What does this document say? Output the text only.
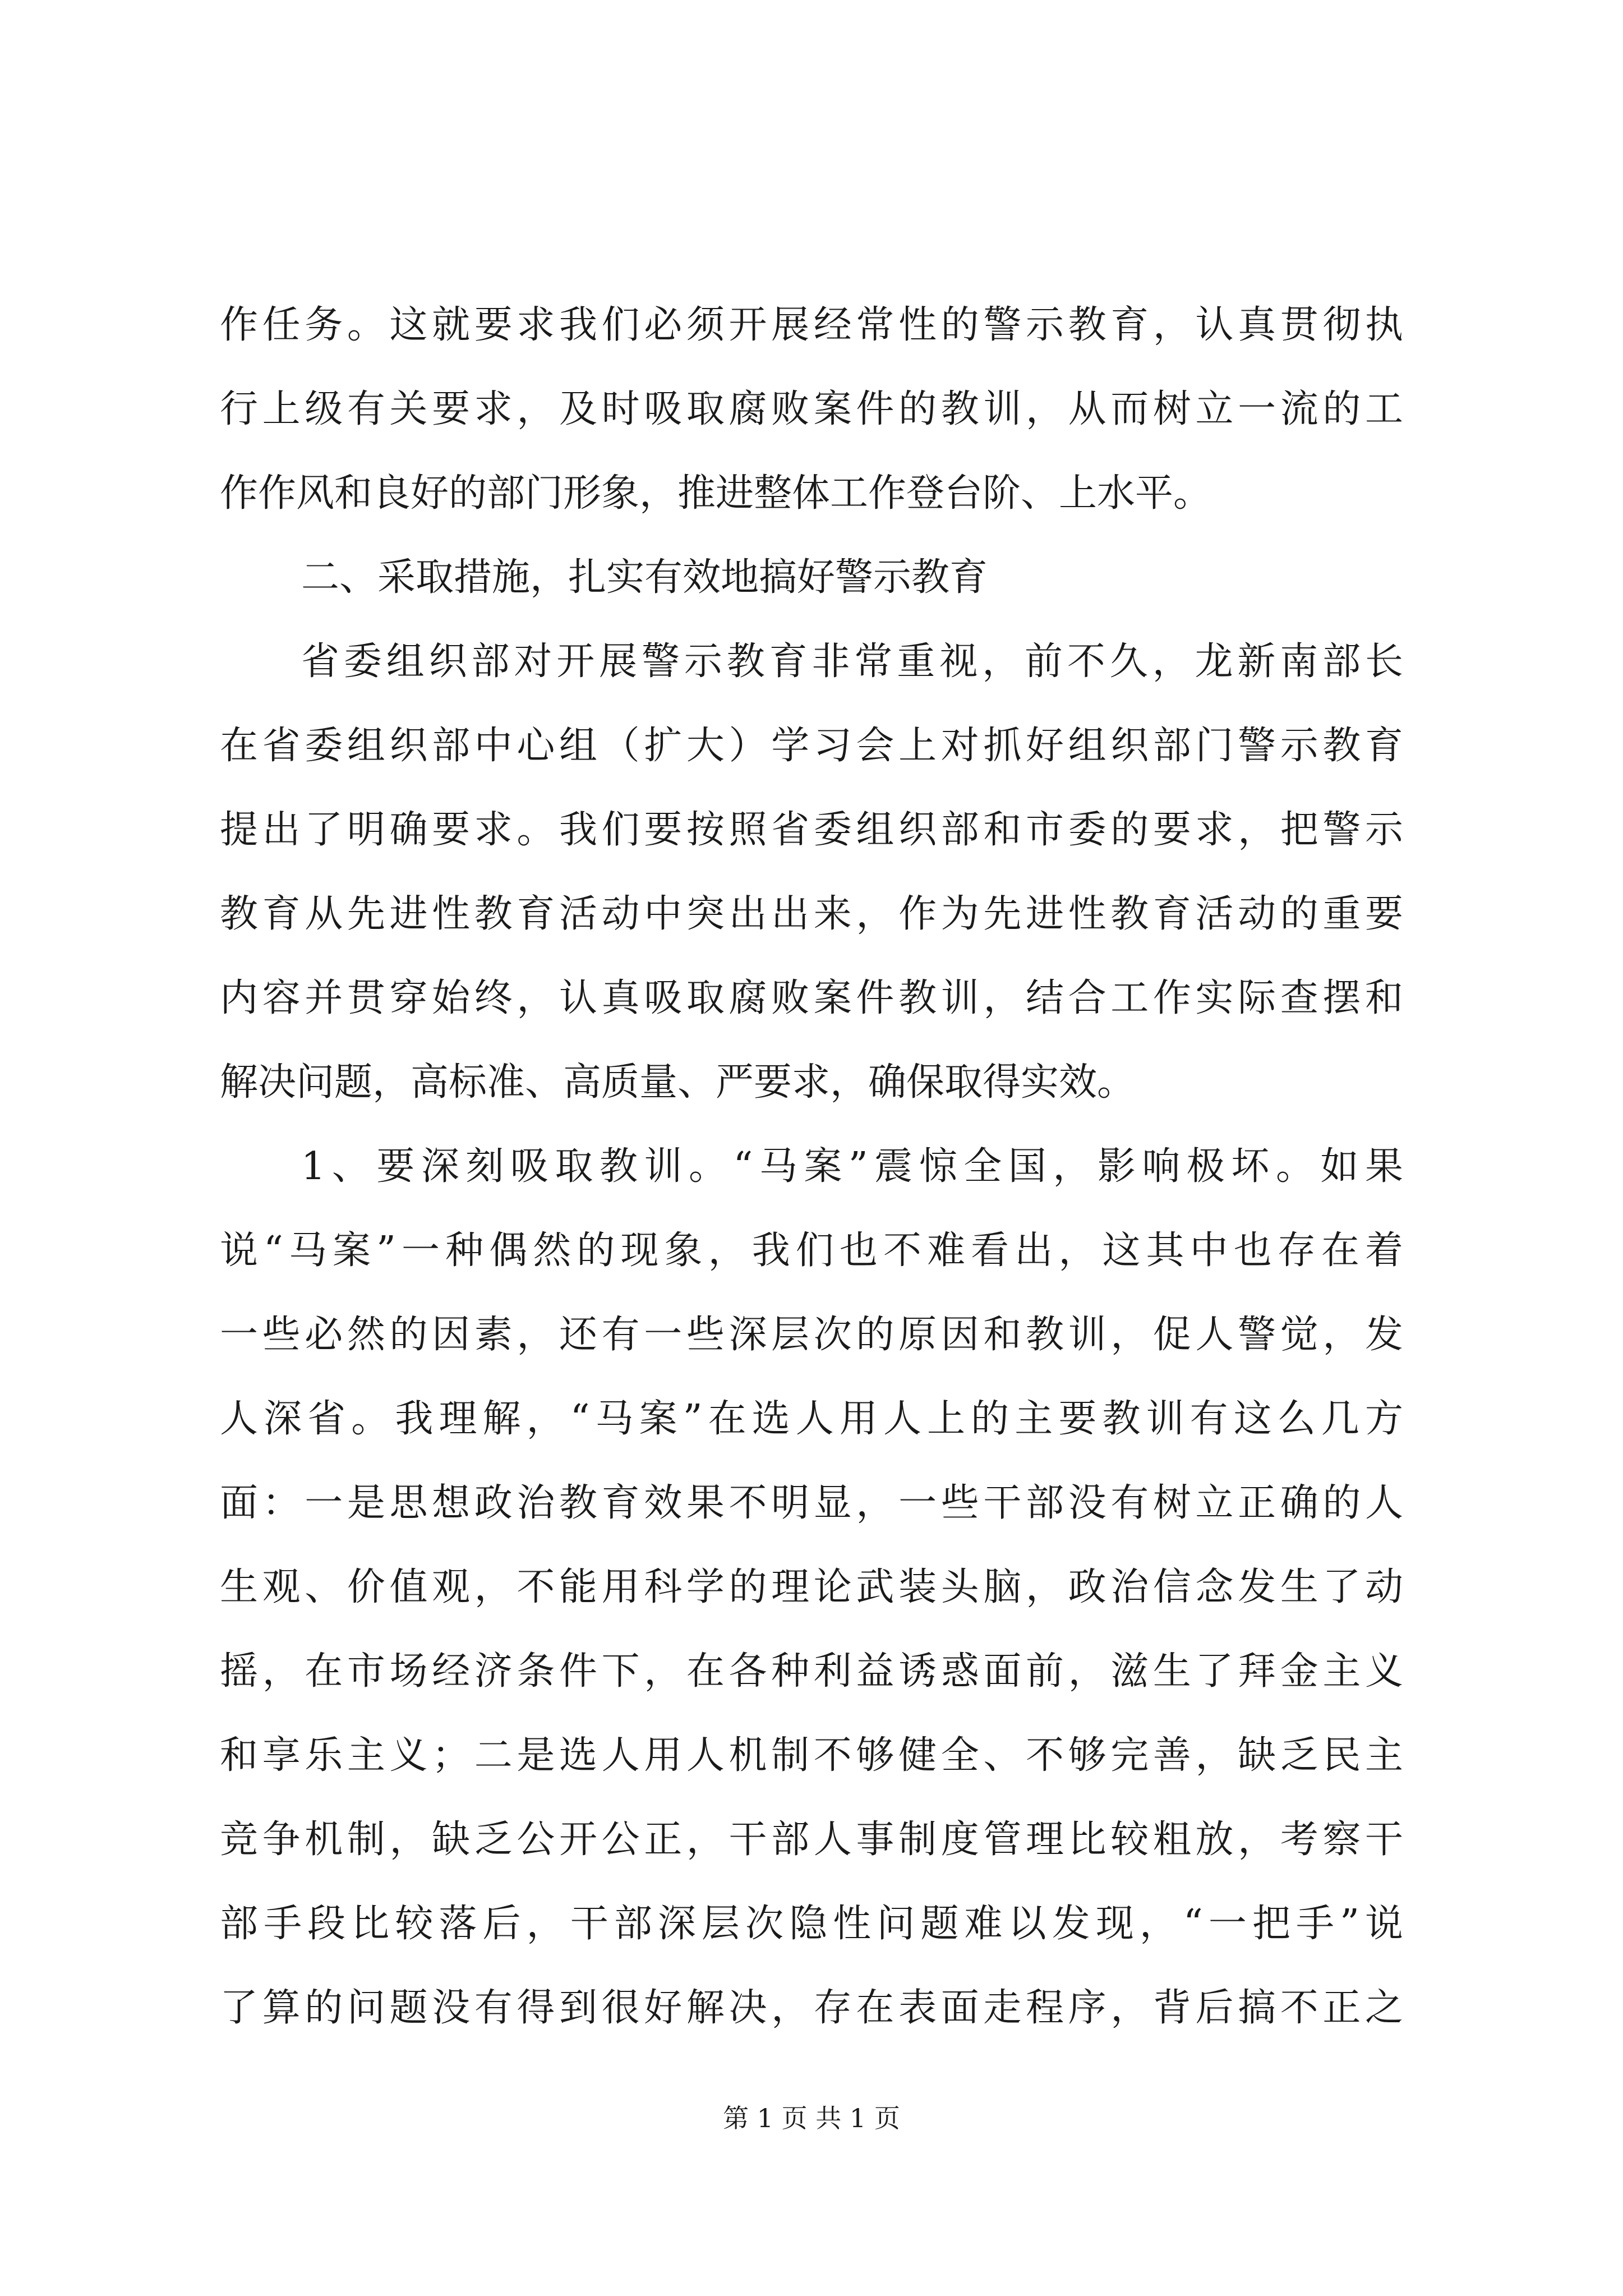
作任务。这就要求我们必须开展经常性的警示教育，认真贯彻执
行上级有关要求，及时吸取腐败案件的教训，从而树立一流的工
作作风和良好的部门形象，推进整体工作登台阶、上水平。
二、采取措施，扎实有效地搞好警示教育
省委组织部对开展警示教育非常重视，前不久，龙新南部长
在省委组织部中心组（扩大）学习会上对抓好组织部门警示教育
提出了明确要求。我们要按照省委组织部和市委的要求，把警示
教育从先进性教育活动中突出出来，作为先进性教育活动的重要
内容并贯穿始终，认真吸取腐败案件教训，结合工作实际查摆和
解决问题，高标准、高质量、严要求，确保取得实效。
1、要深刻吸取教训。“马案”震惊全国，影响极坏。如果
说“马案”一种偶然的现象，我们也不难看出，这其中也存在着
一些必然的因素，还有一些深层次的原因和教训，促人警觉，发
人深省。我理解，“马案”在选人用人上的主要教训有这么几方
面：一是思想政治教育效果不明显，一些干部没有树立正确的人
生观、价值观，不能用科学的理论武装头脑，政治信念发生了动
摇，在市场经济条件下，在各种利益诱惑面前，滋生了拜金主义
和享乐主义；二是选人用人机制不够健全、不够完善，缺乏民主
竞争机制，缺乏公开公正，干部人事制度管理比较粗放，考察干
部手段比较落后，干部深层次隐性问题难以发现，“一把手”说
了算的问题没有得到很好解决，存在表面走程序，背后搞不正之
第 1 页 共 1 页
